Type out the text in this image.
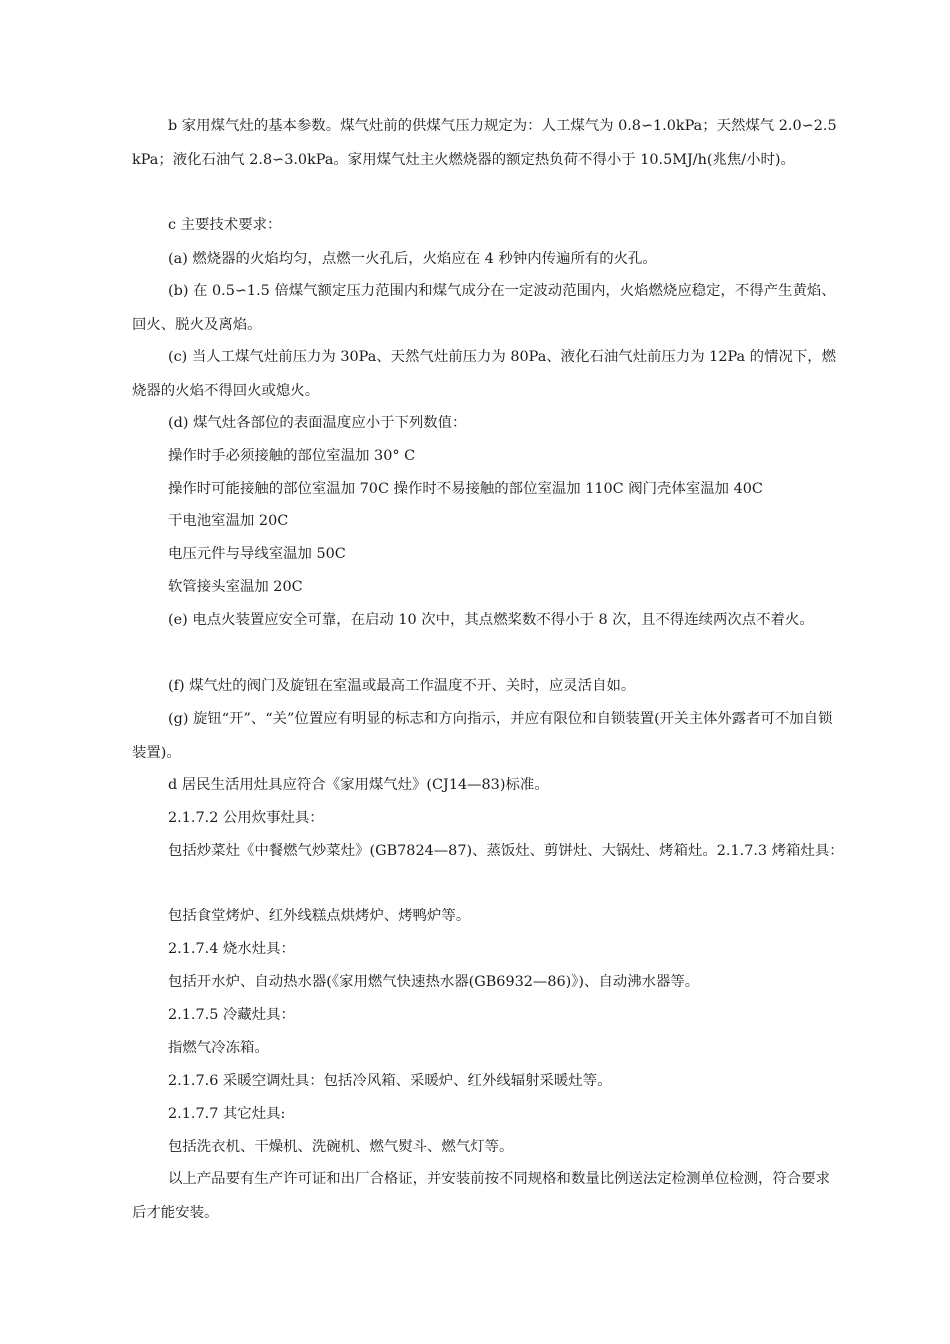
b 家用煤气灶的基本参数。煤气灶前的供煤气压力规定为：人工煤气为 0.8∽1.0kPa；天然煤气 2.0∽2.5kPa；液化石油气 2.8∽3.0kPa。家用煤气灶主火燃烧器的额定热负荷不得小于 10.5MJ/h(兆焦/小时)。

c 主要技术要求：

(a) 燃烧器的火焰均匀，点燃一火孔后，火焰应在 4 秒钟内传遍所有的火孔。

(b) 在 0.5∽1.5 倍煤气额定压力范围内和煤气成分在一定波动范围内，火焰燃烧应稳定，不得产生黄焰、回火、脱火及离焰。

(c) 当人工煤气灶前压力为 30Pa、天然气灶前压力为 80Pa、液化石油气灶前压力为 12Pa 的情况下，燃烧器的火焰不得回火或熄火。

(d) 煤气灶各部位的表面温度应小于下列数值：

操作时手必须接触的部位室温加 30° C

操作时可能接触的部位室温加 70C 操作时不易接触的部位室温加 110C 阀门壳体室温加 40C

干电池室温加 20C

电压元件与导线室温加 50C

软管接头室温加 20C

(e) 电点火装置应安全可靠，在启动 10 次中，其点燃桨数不得小于 8 次，且不得连续两次点不着火。

(f) 煤气灶的阀门及旋钮在室温或最高工作温度不开、关时，应灵活自如。

(g) 旋钮“开”、“关”位置应有明显的标志和方向指示，并应有限位和自锁装置(开关主体外露者可不加自锁装置)。

d 居民生活用灶具应符合《家用煤气灶》(CJ14—83)标准。

2.1.7.2 公用炊事灶具：

包括炒菜灶《中餐燃气炒菜灶》(GB7824—87)、蒸饭灶、剪饼灶、大锅灶、烤箱灶。2.1.7.3 烤箱灶具：

包括食堂烤炉、红外线糕点烘烤炉、烤鸭炉等。

2.1.7.4 烧水灶具：

包括开水炉、自动热水器(《家用燃气快速热水器(GB6932—86)》)、自动沸水器等。

2.1.7.5 冷藏灶具：

指燃气冷冻箱。

2.1.7.6 采暖空调灶具：包括冷风箱、采暖炉、红外线辐射采暖灶等。

2.1.7.7 其它灶具:

包括洗衣机、干燥机、洗碗机、燃气熨斗、燃气灯等。

以上产品要有生产许可证和出厂合格证，并安装前按不同规格和数量比例送法定检测单位检测，符合要求后才能安装。
